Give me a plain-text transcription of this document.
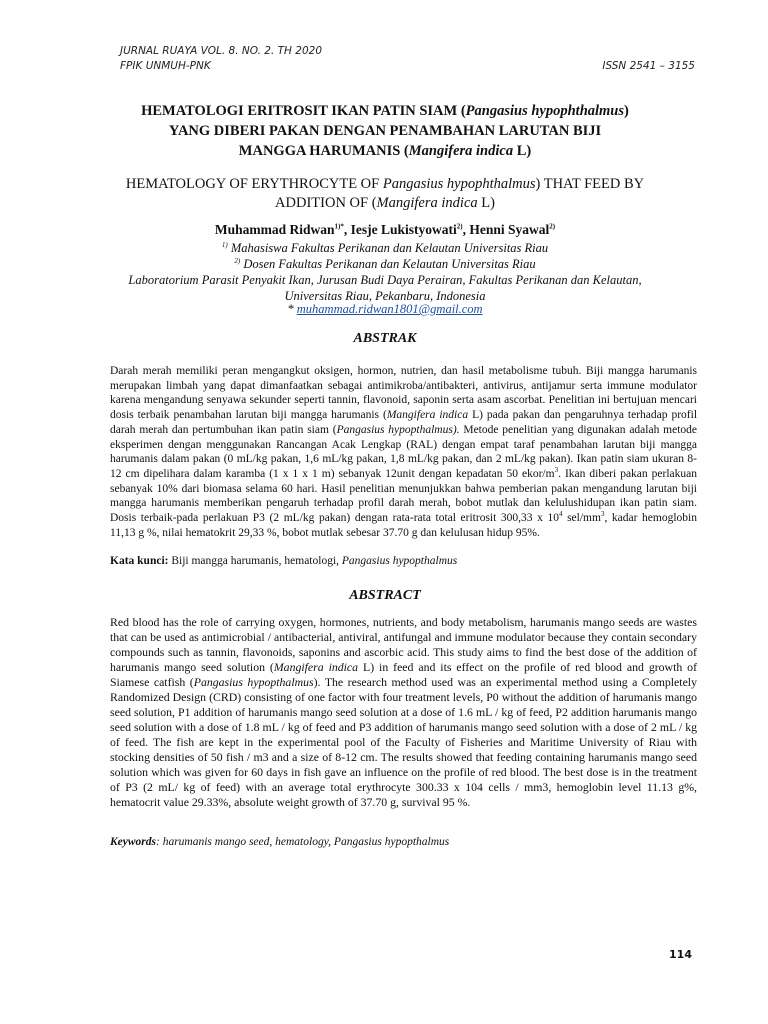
JURNAL RUAYA VOL. 8. NO. 2. TH 2020
FPIK UNMUH-PNK	ISSN 2541 – 3155
HEMATOLOGI ERITROSIT IKAN PATIN SIAM (Pangasius hypophthalmus)
YANG DIBERI PAKAN DENGAN PENAMBAHAN LARUTAN BIJI
MANGGA HARUMANIS (Mangifera indica L)
HEMATOLOGY OF ERYTHROCYTE OF Pangasius hypophthalmus) THAT FEED BY
ADDITION OF (Mangifera indica L)
Muhammad Ridwan$^{1)*}$, Iesje Lukistyowati$^{2)}$, Henni Syawal$^{2)}$
$^{1)}$ Mahasiswa Fakultas Perikanan dan Kelautan Universitas Riau
$^{2)}$ Dosen Fakultas Perikanan dan Kelautan Universitas Riau
Laboratorium Parasit Penyakit Ikan, Jurusan Budi Daya Perairan, Fakultas Perikanan dan Kelautan,
Universitas Riau, Pekanbaru, Indonesia
* muhammad.ridwan1801@gmail.com
ABSTRAK
Darah merah memiliki peran mengangkut oksigen, hormon, nutrien, dan hasil metabolisme tubuh. Biji mangga harumanis merupakan limbah yang dapat dimanfaatkan sebagai antimikroba/antibakteri, antivirus, antijamur serta immune modulator karena mengandung senyawa sekunder seperti tannin, flavonoid, saponin serta asam ascorbat. Penelitian ini bertujuan mencari dosis terbaik penambahan larutan biji mangga harumanis (Mangifera indica L) pada pakan dan pengaruhnya terhadap profil darah merah dan pertumbuhan ikan patin siam (Pangasius hypopthalmus). Metode penelitian yang digunakan adalah metode eksperimen dengan menggunakan Rancangan Acak Lengkap (RAL) dengan empat taraf penambahan larutan biji mangga harumanis dalam pakan (0 mL/kg pakan, 1,6 mL/kg pakan, 1,8 mL/kg pakan, dan 2 mL/kg pakan). Ikan patin siam ukuran 8-12 cm dipelihara dalam karamba (1 x 1 x 1 m) sebanyak 12unit dengan kepadatan 50 ekor/$m^3$. Ikan diberi pakan perlakuan sebanyak 10% dari biomasa selama 60 hari. Hasil penelitian menunjukkan bahwa pemberian pakan mengandung larutan biji mangga harumanis memberikan pengaruh terhadap profil darah merah, bobot mutlak dan kelulushidupan ikan patin siam. Dosis terbaik-pada perlakuan P3 (2 mL/kg pakan) dengan rata-rata total eritrosit 300,33 x $10^4$ sel/$mm^3$, kadar hemoglobin 11,13 g %, nilai hematokrit 29,33 %, bobot mutlak sebesar 37.70 g dan kelulusan hidup 95%.
Kata kunci: Biji mangga harumanis, hematologi, Pangasius hypopthalmus
ABSTRACT
Red blood has the role of carrying oxygen, hormones, nutrients, and body metabolism, harumanis mango seeds are wastes that can be used as antimicrobial / antibacterial, antiviral, antifungal and immune modulator because they contain secondary compounds such as tannin, flavonoids, saponins and ascorbic acid. This study aims to find the best dose of the addition of harumanis mango seed solution (Mangifera indica L) in feed and its effect on the profile of red blood and growth of Siamese catfish (Pangasius hypopthalmus). The research method used was an experimental method using a Completely Randomized Design (CRD) consisting of one factor with four treatment levels, P0 without the addition of harumanis mango seed solution, P1 addition of harumanis mango seed solution at a dose of 1.6 mL / kg of feed, P2 addition harumanis mango seed solution with a dose of 1.8 mL / kg of feed and P3 addition of harumanis mango seed solution with a dose of 2 mL / kg of feed. The fish are kept in the experimental pool of the Faculty of Fisheries and Maritime University of Riau with stocking densities of 50 fish / m3 and a size of 8-12 cm. The results showed that feeding containing harumanis mango seed solution which was given for 60 days in fish gave an influence on the profile of red blood. The best dose is in the treatment of P3 (2 mL/ kg of feed) with an average total erythrocyte 300.33 x 104 cells / mm3, hemoglobin level 11.13 g%, hematocrit value 29.33%, absolute weight growth of 37.70 g, survival 95 %.
Keywords: harumanis mango seed, hematology, Pangasius hypopthalmus
114
